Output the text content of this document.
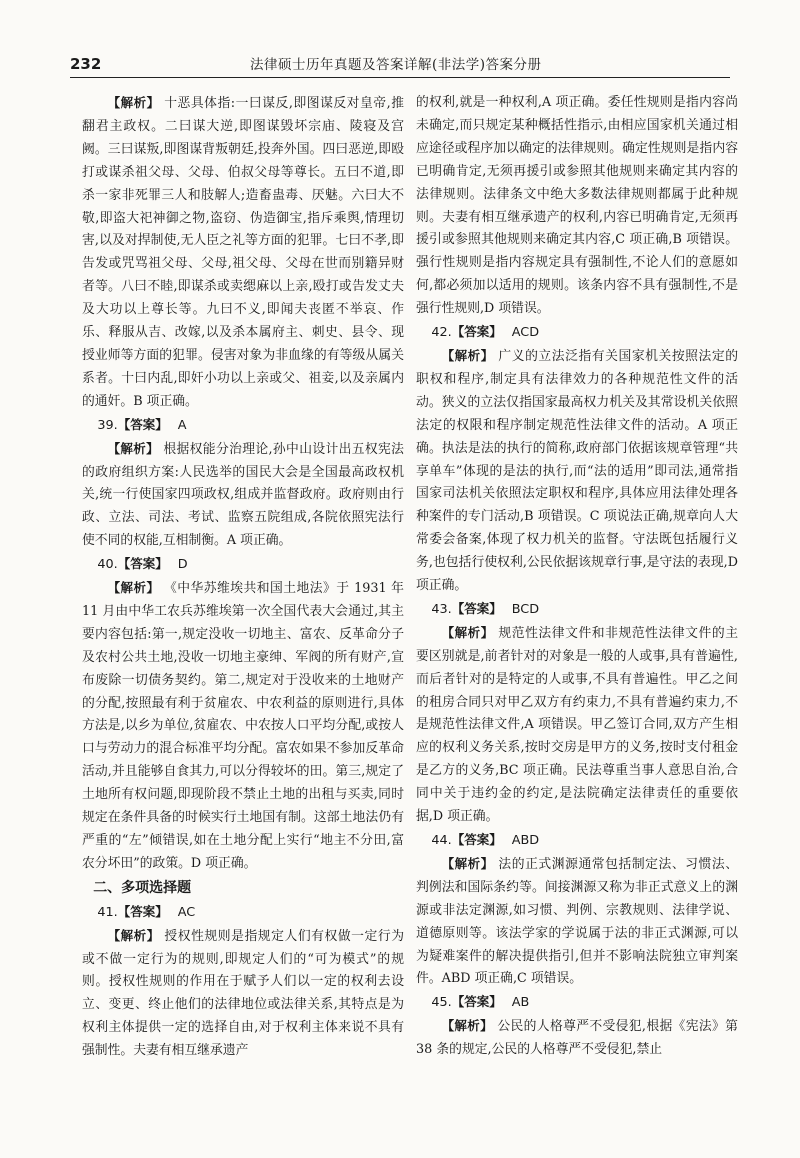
232	法律硕士历年真题及答案详解(非法学)答案分册

【解析】 十恶具体指:一曰谋反,即图谋反对皇帝,推翻君主政权。二曰谋大逆,即图谋毁坏宗庙、陵寝及宫阙。三曰谋叛,即图谋背叛朝廷,投奔外国。四曰恶逆,即殴打或谋杀祖父母、父母、伯叔父母等尊长。五曰不道,即杀一家非死罪三人和肢解人;造畜蛊毒、厌魅。六曰大不敬,即盗大祀神御之物,盗窃、伪造御宝,指斥乘舆,情理切害,以及对捍制使,无人臣之礼等方面的犯罪。七曰不孝,即告发或咒骂祖父母、父母,祖父母、父母在世而别籍异财者等。八曰不睦,即谋杀或卖缌麻以上亲,殴打或告发丈夫及大功以上尊长等。九曰不义,即闻夫丧匿不举哀、作乐、释服从吉、改嫁,以及杀本属府主、刺史、县令、现授业师等方面的犯罪。侵害对象为非血缘的有等级从属关系者。十曰内乱,即奸小功以上亲或父、祖妾,以及亲属内的通奸。B 项正确。

39.【答案】 A

【解析】 根据权能分治理论,孙中山设计出五权宪法的政府组织方案:人民选举的国民大会是全国最高政权机关,统一行使国家四项政权,组成并监督政府。政府则由行政、立法、司法、考试、监察五院组成,各院依照宪法行使不同的权能,互相制衡。A 项正确。

40.【答案】 D

【解析】 《中华苏维埃共和国土地法》于 1931 年 11 月由中华工农兵苏维埃第一次全国代表大会通过,其主要内容包括:第一,规定没收一切地主、富农、反革命分子及农村公共土地,没收一切地主豪绅、军阀的所有财产,宣布废除一切债务契约。第二,规定对于没收来的土地财产的分配,按照最有利于贫雇农、中农利益的原则进行,具体方法是,以乡为单位,贫雇农、中农按人口平均分配,或按人口与劳动力的混合标准平均分配。富农如果不参加反革命活动,并且能够自食其力,可以分得较坏的田。第三,规定了土地所有权问题,即现阶段不禁止土地的出租与买卖,同时规定在条件具备的时候实行土地国有制。这部土地法仍有严重的“左”倾错误,如在土地分配上实行“地主不分田,富农分坏田”的政策。D 项正确。

二、多项选择题

41.【答案】 AC

【解析】 授权性规则是指规定人们有权做一定行为或不做一定行为的规则,即规定人们的“可为模式”的规则。授权性规则的作用在于赋予人们以一定的权利去设立、变更、终止他们的法律地位或法律关系,其特点是为权利主体提供一定的选择自由,对于权利主体来说不具有强制性。夫妻有相互继承遗产

的权利,就是一种权利,A 项正确。委任性规则是指内容尚未确定,而只规定某种概括性指示,由相应国家机关通过相应途径或程序加以确定的法律规则。确定性规则是指内容已明确肯定,无须再援引或参照其他规则来确定其内容的法律规则。法律条文中绝大多数法律规则都属于此种规则。夫妻有相互继承遗产的权利,内容已明确肯定,无须再援引或参照其他规则来确定其内容,C 项正确,B 项错误。强行性规则是指内容规定具有强制性,不论人们的意愿如何,都必须加以适用的规则。该条内容不具有强制性,不是强行性规则,D 项错误。

42.【答案】 ACD

【解析】 广义的立法泛指有关国家机关按照法定的职权和程序,制定具有法律效力的各种规范性文件的活动。狭义的立法仅指国家最高权力机关及其常设机关依照法定的权限和程序制定规范性法律文件的活动。A 项正确。执法是法的执行的简称,政府部门依据该规章管理“共享单车”体现的是法的执行,而“法的适用”即司法,通常指国家司法机关依照法定职权和程序,具体应用法律处理各种案件的专门活动,B 项错误。C 项说法正确,规章向人大常委会备案,体现了权力机关的监督。守法既包括履行义务,也包括行使权利,公民依据该规章行事,是守法的表现,D 项正确。

43.【答案】 BCD

【解析】 规范性法律文件和非规范性法律文件的主要区别就是,前者针对的对象是一般的人或事,具有普遍性,而后者针对的是特定的人或事,不具有普遍性。甲乙之间的租房合同只对甲乙双方有约束力,不具有普遍约束力,不是规范性法律文件,A 项错误。甲乙签订合同,双方产生相应的权利义务关系,按时交房是甲方的义务,按时支付租金是乙方的义务,BC 项正确。民法尊重当事人意思自治,合同中关于违约金的约定,是法院确定法律责任的重要依据,D 项正确。

44.【答案】 ABD

【解析】 法的正式渊源通常包括制定法、习惯法、判例法和国际条约等。间接渊源又称为非正式意义上的渊源或非法定渊源,如习惯、判例、宗教规则、法律学说、道德原则等。该法学家的学说属于法的非正式渊源,可以为疑难案件的解决提供指引,但并不影响法院独立审判案件。ABD 项正确,C 项错误。

45.【答案】 AB

【解析】 公民的人格尊严不受侵犯,根据《宪法》第 38 条的规定,公民的人格尊严不受侵犯,禁止
